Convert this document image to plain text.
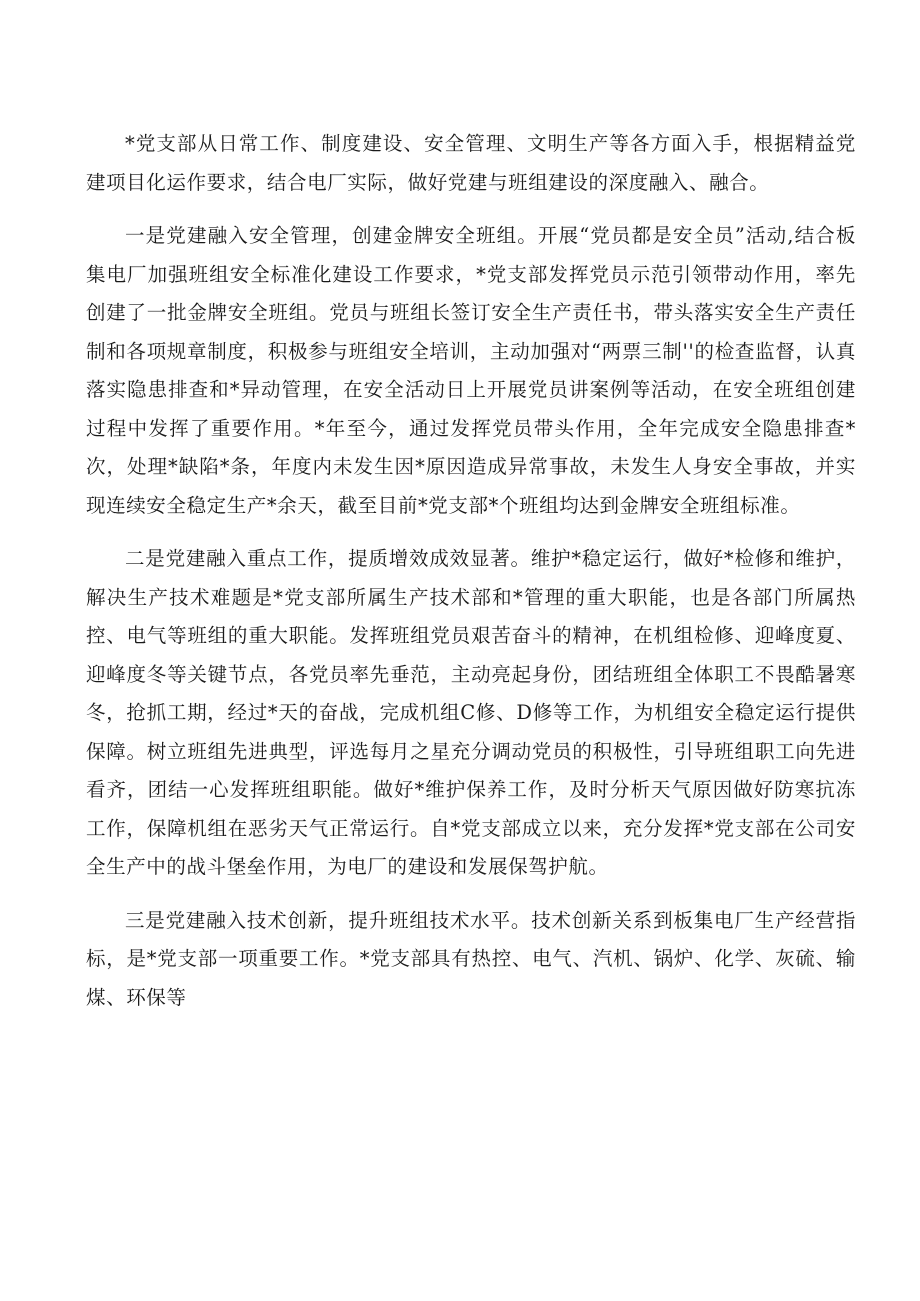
*党支部从日常工作、制度建设、安全管理、文明生产等各方面入手，根据精益党建项目化运作要求，结合电厂实际，做好党建与班组建设的深度融入、融合。

一是党建融入安全管理，创建金牌安全班组。开展“党员都是安全员”活动,结合板集电厂加强班组安全标准化建设工作要求，*党支部发挥党员示范引领带动作用，率先创建了一批金牌安全班组。党员与班组长签订安全生产责任书，带头落实安全生产责任制和各项规章制度，积极参与班组安全培训，主动加强对“两票三制''的检查监督，认真落实隐患排查和*异动管理，在安全活动日上开展党员讲案例等活动，在安全班组创建过程中发挥了重要作用。*年至今，通过发挥党员带头作用，全年完成安全隐患排查*次，处理*缺陷*条，年度内未发生因*原因造成异常事故，未发生人身安全事故，并实现连续安全稳定生产*余天，截至目前*党支部*个班组均达到金牌安全班组标准。

二是党建融入重点工作，提质增效成效显著。维护*稳定运行，做好*检修和维护，解决生产技术难题是*党支部所属生产技术部和*管理的重大职能，也是各部门所属热控、电气等班组的重大职能。发挥班组党员艰苦奋斗的精神，在机组检修、迎峰度夏、迎峰度冬等关键节点，各党员率先垂范，主动亮起身份，团结班组全体职工不畏酷暑寒冬，抢抓工期，经过*天的奋战，完成机组C修、D修等工作，为机组安全稳定运行提供保障。树立班组先进典型，评选每月之星充分调动党员的积极性，引导班组职工向先进看齐，团结一心发挥班组职能。做好*维护保养工作，及时分析天气原因做好防寒抗冻工作，保障机组在恶劣天气正常运行。自*党支部成立以来，充分发挥*党支部在公司安全生产中的战斗堡垒作用，为电厂的建设和发展保驾护航。

三是党建融入技术创新，提升班组技术水平。技术创新关系到板集电厂生产经营指标，是*党支部一项重要工作。*党支部具有热控、电气、汽机、锅炉、化学、灰硫、输煤、环保等
